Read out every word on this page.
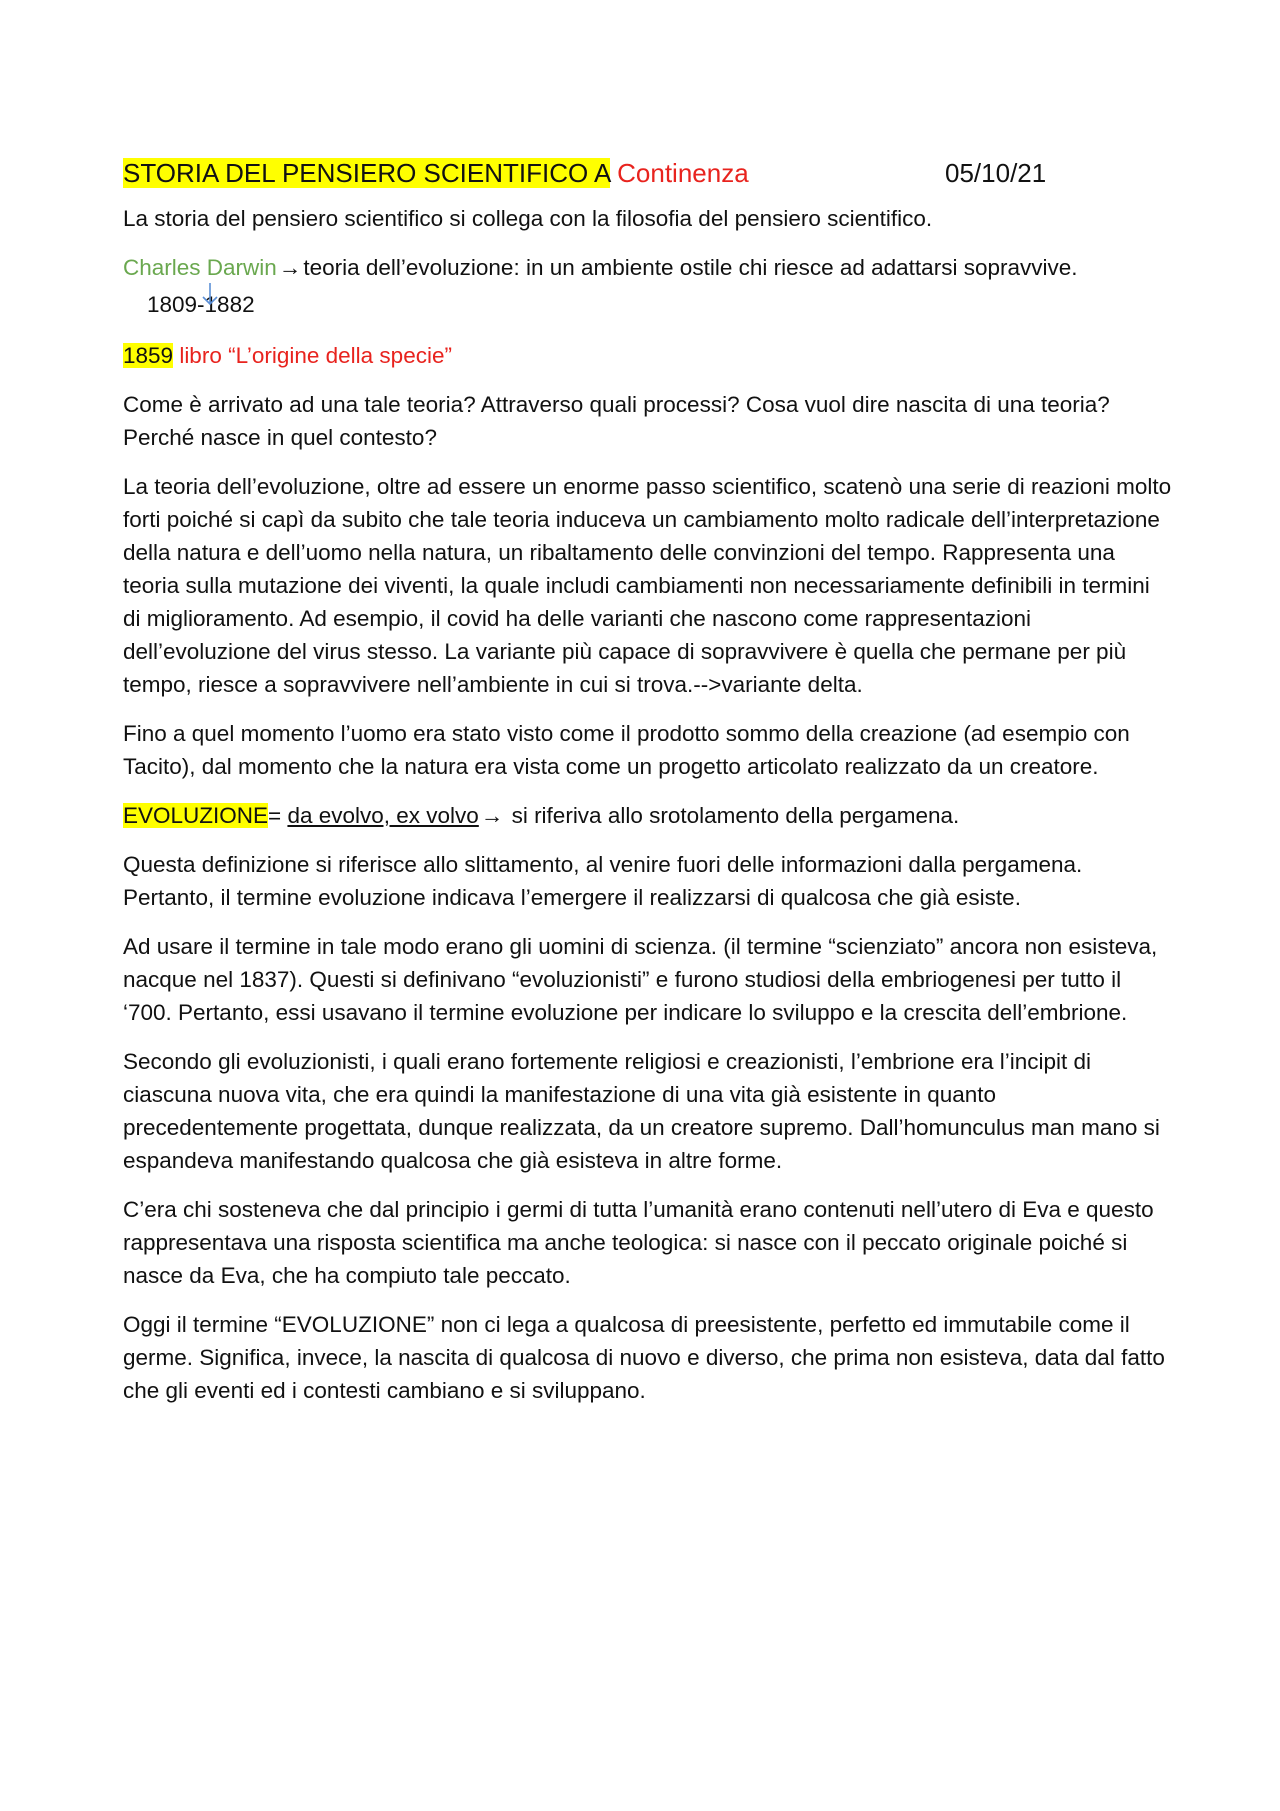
STORIA DEL PENSIERO SCIENTIFICO A Continenza	05/10/21

La storia del pensiero scientifico si collega con la filosofia del pensiero scientifico.

Charles Darwin
→teoria dell’evoluzione: in un ambiente ostile chi riesce ad adattarsi sopravvive.

1809-1882

1859 libro “L’origine della specie”

Come è arrivato ad una tale teoria? Attraverso quali processi? Cosa vuol dire nascita di una teoria? Perché nasce in quel contesto?

La teoria dell’evoluzione, oltre ad essere un enorme passo scientifico, scatenò una serie di reazioni molto forti poiché si capì da subito che tale teoria induceva un cambiamento molto radicale dell’interpretazione della natura e dell’uomo nella natura, un ribaltamento delle convinzioni del tempo. Rappresenta una teoria sulla mutazione dei viventi, la quale includi cambiamenti non necessariamente definibili in termini di miglioramento. Ad esempio, il covid ha delle varianti che nascono come rappresentazioni dell’evoluzione del virus stesso. La variante più capace di sopravvivere è quella che permane per più tempo, riesce a sopravvivere nell’ambiente in cui si trova.-->variante delta.

Fino a quel momento l’uomo era stato visto come il prodotto sommo della creazione (ad esempio con Tacito), dal momento che la natura era vista come un progetto articolato realizzato da un creatore.

EVOLUZIONE= da evolvo, ex volvo→ si riferiva allo srotolamento della pergamena.

Questa definizione si riferisce allo slittamento, al venire fuori delle informazioni dalla pergamena. Pertanto, il termine evoluzione indicava l’emergere il realizzarsi di qualcosa che già esiste.

Ad usare il termine in tale modo erano gli uomini di scienza. (il termine “scienziato” ancora non esisteva, nacque nel 1837). Questi si definivano “evoluzionisti” e furono studiosi della embriogenesi per tutto il ‘700. Pertanto, essi usavano il termine evoluzione per indicare lo sviluppo e la crescita dell’embrione.

Secondo gli evoluzionisti, i quali erano fortemente religiosi e creazionisti, l’embrione era l’incipit di ciascuna nuova vita, che era quindi la manifestazione di una vita già esistente in quanto precedentemente progettata, dunque realizzata, da un creatore supremo. Dall’homunculus man mano si espandeva manifestando qualcosa che già esisteva in altre forme.

C’era chi sosteneva che dal principio i germi di tutta l’umanità erano contenuti nell’utero di Eva e questo rappresentava una risposta scientifica ma anche teologica: si nasce con il peccato originale poiché si nasce da Eva, che ha compiuto tale peccato.

Oggi il termine “EVOLUZIONE” non ci lega a qualcosa di preesistente, perfetto ed immutabile come il germe. Significa, invece, la nascita di qualcosa di nuovo e diverso, che prima non esisteva, data dal fatto che gli eventi ed i contesti cambiano e si sviluppano.
